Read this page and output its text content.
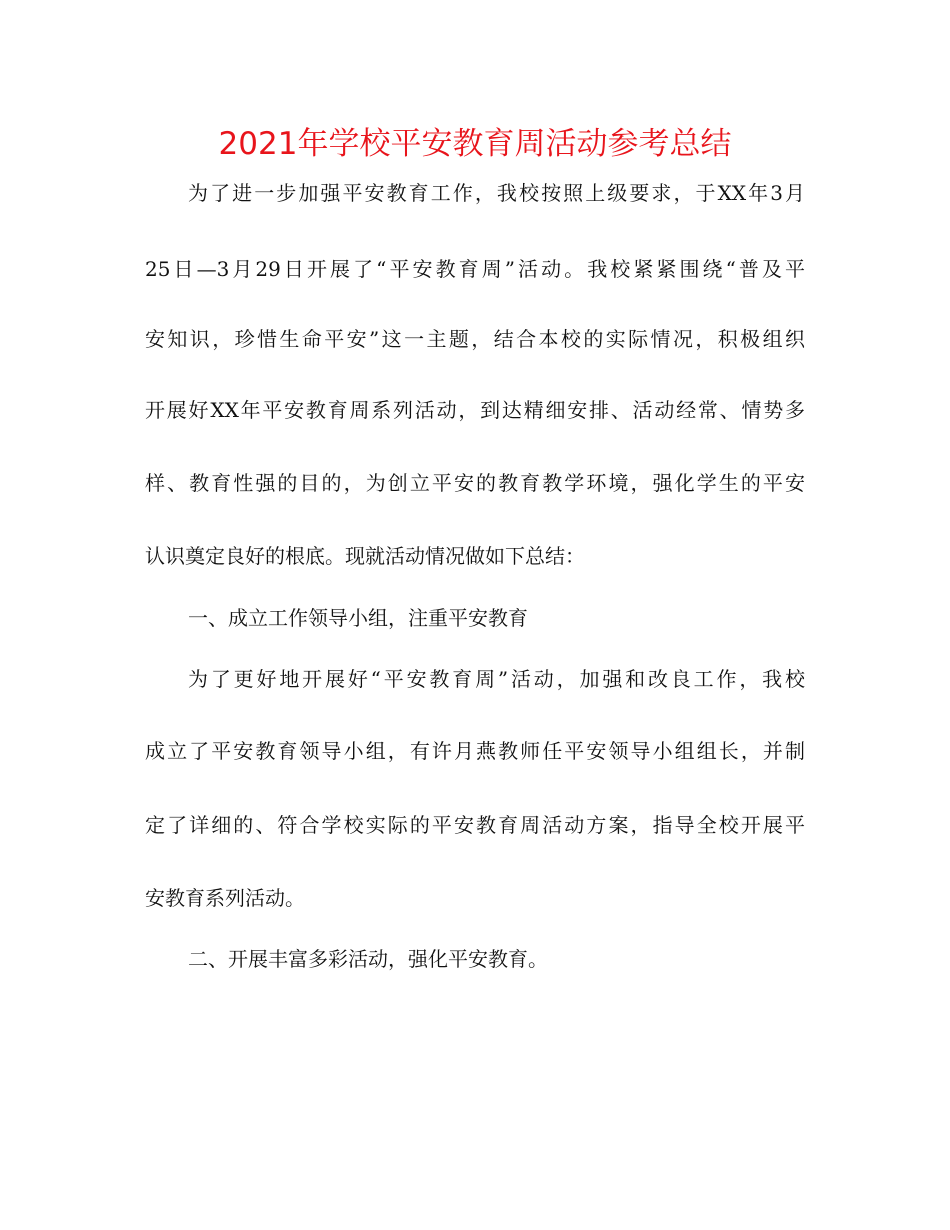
2021年学校平安教育周活动参考总结
为了进一步加强平安教育工作，我校按照上级要求，于XX年3月
25日—3月29日开展了“平安教育周”活动。我校紧紧围绕“普及平
安知识，珍惜生命平安”这一主题，结合本校的实际情况，积极组织
开展好XX年平安教育周系列活动，到达精细安排、活动经常、情势多
样、教育性强的目的，为创立平安的教育教学环境，强化学生的平安
认识奠定良好的根底。现就活动情况做如下总结：
一、成立工作领导小组，注重平安教育
为了更好地开展好“平安教育周”活动，加强和改良工作，我校
成立了平安教育领导小组，有许月燕教师任平安领导小组组长，并制
定了详细的、符合学校实际的平安教育周活动方案，指导全校开展平
安教育系列活动。
二、开展丰富多彩活动，强化平安教育。
